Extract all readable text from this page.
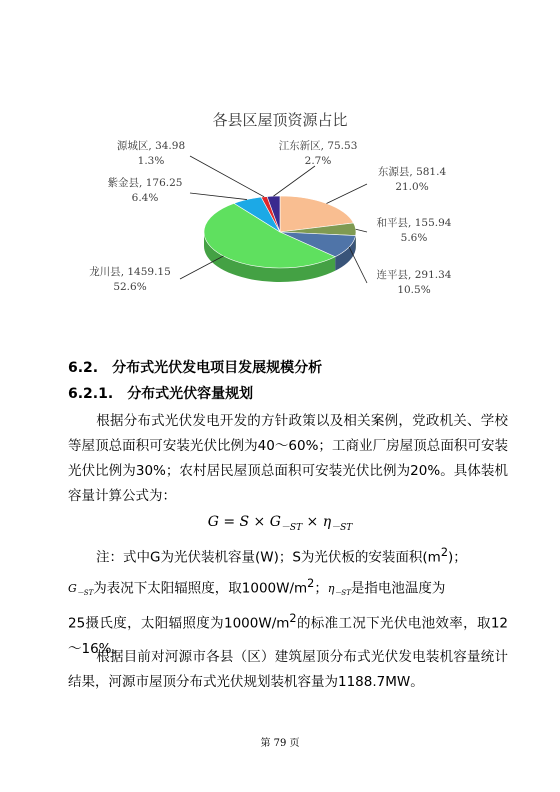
各县区屋顶资源占比
源城区, 34.98
1.3%
江东新区, 75.53
2.7%
东源县, 581.4
21.0%
紫金县, 176.25
6.4%
和平县, 155.94
5.6%
连平县, 291.34
10.5%
龙川县, 1459.15
52.6%
6.2. 分布式光伏发电项目发展规模分析
6.2.1. 分布式光伏容量规划
根据分布式光伏发电开发的方针政策以及相关案例，党政机关、学校等屋顶总面积可安装光伏比例为40～60%；工商业厂房屋顶总面积可安装光伏比例为30%；农村居民屋顶总面积可安装光伏比例为20%。具体装机容量计算公式为：
$G = S \times G_{-ST} \times \eta_{-ST}$
注：式中G为光伏装机容量(W)；S为光伏板的安装面积$(m^2)$；
$G_{-ST}$为表况下太阳辐照度，取$1000W/m^2$；$\eta_{-ST}$是指电池温度为
25摄氏度，太阳辐照度为$1000W/m^2$的标准工况下光伏电池效率，取12～16%。
根据目前对河源市各县（区）建筑屋顶分布式光伏发电装机容量统计结果，河源市屋顶分布式光伏规划装机容量为1188.7MW。
第 79 页
